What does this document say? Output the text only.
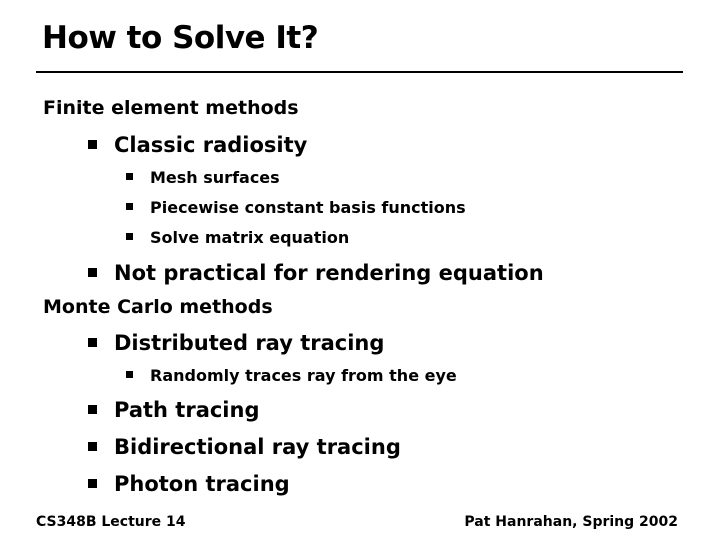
How to Solve It?
Finite element methods
Classic radiosity
Mesh surfaces
Piecewise constant basis functions
Solve matrix equation
Not practical for rendering equation
Monte Carlo methods
Distributed ray tracing
Randomly traces ray from the eye
Path tracing
Bidirectional ray tracing
Photon tracing
CS348B Lecture 14	Pat Hanrahan, Spring 2002
